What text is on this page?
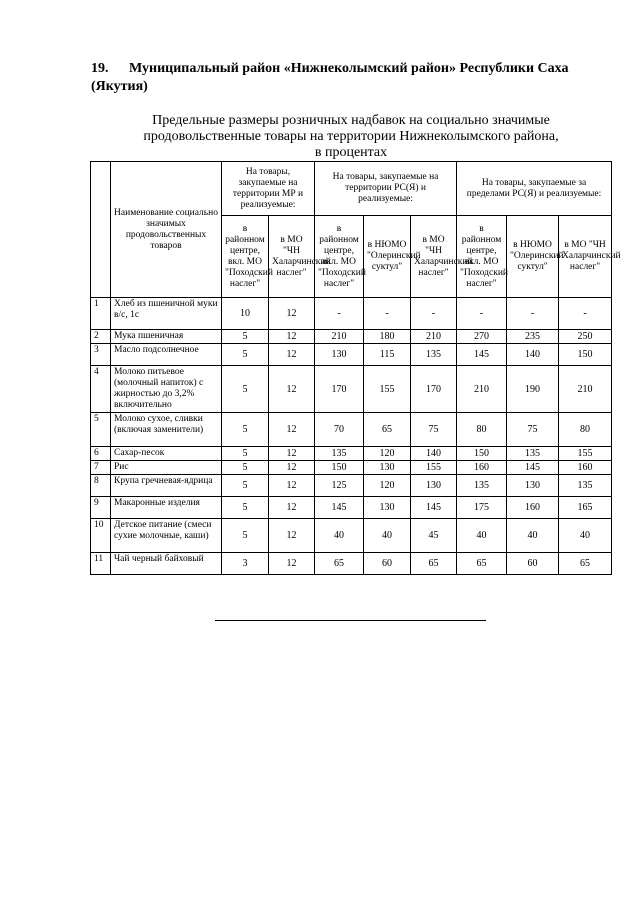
19. Муниципальный район «Нижнеколымский район» Республики Саха (Якутия)
Предельные размеры розничных надбавок на социально значимые
продовольственные товары на территории Нижнеколымского района,
в процентах
	Наименование социально значимых продовольственных товаров	На товары, закупаемые на территории МР и реализуемые:		На товары, закупаемые на территории РС(Я) и реализуемые:			На товары, закупаемые за пределами РС(Я) и реализуемые:		
		в районном центре, вкл. МО "Походский наслег"	в МО "ЧН Халарчинский наслег"	в районном центре, вкл. МО "Походский наслег"	в НЮМО "Олеринский суктул"	в МО "ЧН Халарчинский наслег"	в районном центре, вкл. МО "Походский наслег"	в НЮМО "Олеринский суктул"	в МО "ЧН Халарчинский наслег"
1	Хлеб из пшеничной муки в/с, 1с	10	12	-	-	-	-	-	-
2	Мука пшеничная	5	12	210	180	210	270	235	250
3	Масло подсолнечное	5	12	130	115	135	145	140	150
4	Молоко питьевое (молочный напиток) с жирностью до 3,2% включительно	5	12	170	155	170	210	190	210
5	Молоко сухое, сливки (включая заменители)	5	12	70	65	75	80	75	80
6	Сахар-песок	5	12	135	120	140	150	135	155
7	Рис	5	12	150	130	155	160	145	160
8	Крупа гречневая-ядрица	5	12	125	120	130	135	130	135
9	Макаронные изделия	5	12	145	130	145	175	160	165
10	Детское питание (смеси сухие молочные, каши)	5	12	40	40	45	40	40	40
11	Чай черный байховый	3	12	65	60	65	65	60	65
